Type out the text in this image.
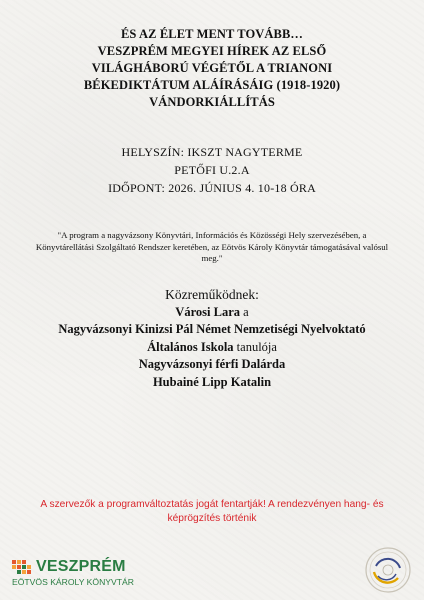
ÉS AZ ÉLET MENT TOVÁBB…
VESZPRÉM MEGYEI HÍREK AZ ELSŐ
VILÁGHÁBORÚ VÉGÉTŐL A TRIANONI
BÉKEDIKTÁTUM ALÁÍRÁSÁIG (1918-1920)
VÁNDORKIÁLLÍTÁS
HELYSZÍN: IKSZT NAGYTERME
PETŐFI U.2.A
IDŐPONT: 2026. JÚNIUS 4. 10-18 ÓRA
"A program a nagyvázsony Könyvtári, Információs és Közösségi Hely szervezésében, a Könyvtárellátási Szolgáltató Rendszer keretében, az Eötvös Károly Könyvtár támogatásával valósul meg."
Közreműködnek:
Városi Lara a
Nagyvázsonyi Kinizsi Pál Német Nemzetiségi Nyelvoktató
Általános Iskola tanulója
Nagyvázsonyi férfi Dalárda
Hubainé Lipp Katalin
A szervezők a programváltoztatás jogát fentartják! A rendezvényen hang- és képrögzítés történik
VESZPRÉM
EÖTVÖS KÁROLY KÖNYVTÁR
